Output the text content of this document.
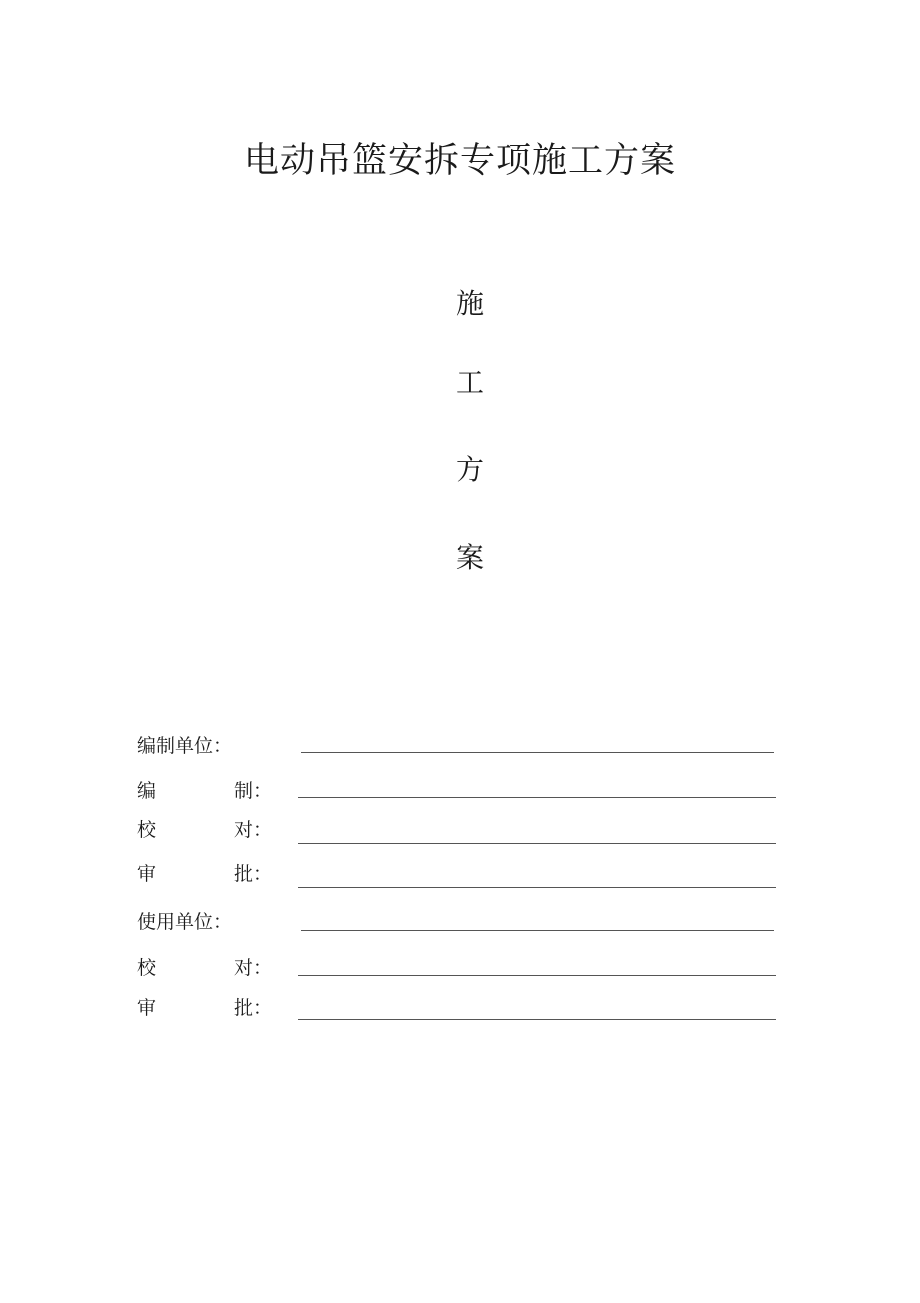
电动吊篮安拆专项施工方案
施
工
方
案
编制单位：
编	制：
校	对：
审	批：
使用单位：
校	对：
审	批：
